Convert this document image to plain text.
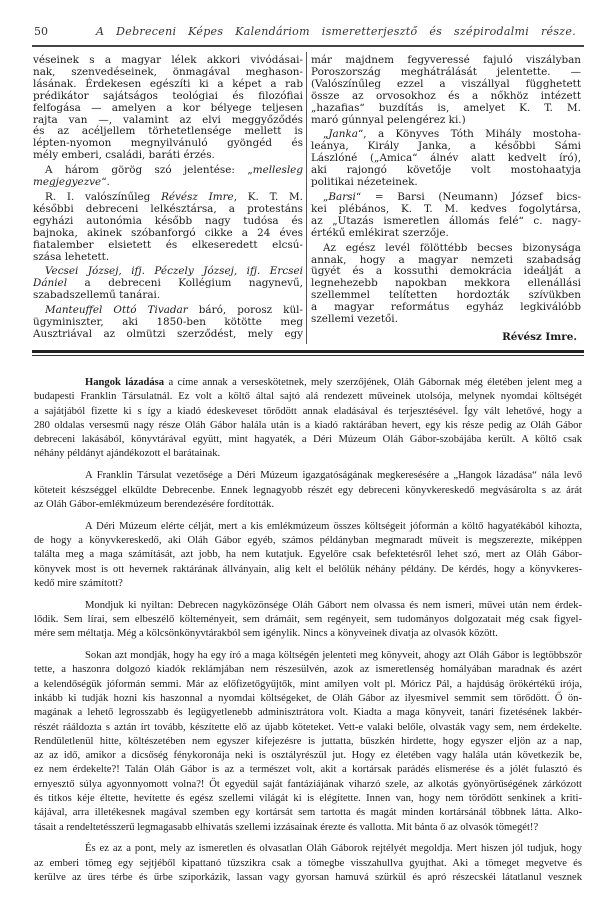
50	A Debreceni Képes Kalendáriom ismeretterjesztő és szépirodalmi része.
véseinek s a magyar lélek akkori vivódásai-
nak, szenvedéseinek, önmagával meghason-
lásának. Érdekesen egészíti ki a képet a rab
prédikátor sajátságos teológiai és filozófiai
felfogása — amelyen a kor bélyege teljesen
rajta van —, valamint az elvi meggyőződés
és az acéljellem törhetetlensége mellett is
lépten-nyomon megnyilvánuló gyöngéd és
mély emberi, családi, baráti érzés.
A három görög szó jelentése: „mellesleg
megjegyezve“.
R. I. valószínűleg Révész Imre, K. T. M.
későbbi debreceni lelkésztársa, a protestáns
egyházi autonómia később nagy tudósa és
bajnoka, akinek szóbanforgó cikke a 24 éves
fiatalember elsietett és elkeseredett elcsú-
szása lehetett.
Vecsei Józsej, ifj. Péczely Józsej, ifj. Ercsei
Dániel a debreceni Kollégium nagynevű,
szabadszellemű tanárai.
Manteuffel Ottó Tivadar báró, porosz kül-
ügyminiszter, aki 1850-ben kötötte meg
Ausztriával az olmützi szerződést, mely egy
már majdnem fegyveressé fajuló viszályban
Poroszország meghátrálását jelentette. —
(Valószínűleg ezzel a viszállyal függhetett
össze az orvosokhoz és a nőkhöz intézett
„hazafias“ buzdítás is, amelyet K. T. M.
maró gúnnyal pelengérez ki.)
„Janka“, a Könyves Tóth Mihály mostoha-
leánya, Király Janka, a későbbi Sámi
Lászlóné („Amica“ álnév alatt kedvelt író),
aki rajongó követője volt mostohaatyja
politikai nézeteinek.
„Barsi“ = Barsi (Neumann) József bics-
kei plébános, K. T. M. kedves fogolytársa,
az „Utazás ismeretlen állomás felé“ c. nagy-
értékű emlékirat szerzője.
Az egész levél fölöttébb becses bizonysága
annak, hogy a magyar nemzeti szabadság
ügyét és a kossuthi demokrácia ideálját a
legnehezebb napokban mekkora ellenállási
szellemmel telítetten hordozták szívükben
a magyar református egyház legkiválóbb
szellemi vezetői.
Révész Imre.
Hangok lázadása a címe annak a verseskötetnek, mely szerzőjének, Oláh Gábornak még életében jelent meg a
budapesti Franklin Társulatnál. Ez volt a költő által sajtó alá rendezett műveinek utolsója, melynek nyomdai költségét
a sajátjából fizette ki s így a kiadó édeskeveset törődött annak eladásával és terjesztésével. Így vált lehetővé, hogy a
280 oldalas versesmű nagy része Oláh Gábor halála után is a kiadó raktárában hevert, egy kis része pedig az Oláh Gábor
debreceni lakásából, könyvtárával együtt, mint hagyaték, a Déri Múzeum Oláh Gábor-szobájába került. A költő csak
néhány példányt ajándékozott el barátainak.
A Franklin Társulat vezetősége a Déri Múzeum igazgatóságának megkeresésére a „Hangok lázadása“ nála levő
köteteit készséggel elküldte Debrecenbe. Ennek legnagyobb részét egy debreceni könyvkereskedő megvásárolta s az árát
az Oláh Gábor-emlékmúzeum berendezésére fordították.
A Déri Múzeum elérte célját, mert a kis emlékmúzeum összes költségeit jóformán a költő hagyatékából kihozta,
de hogy a könyvkereskedő, aki Oláh Gábor egyéb, számos példányban megmaradt műveit is megszerezte, miképpen
találta meg a maga számítását, azt jobb, ha nem kutatjuk. Egyelőre csak befektetésről lehet szó, mert az Oláh Gábor-
könyvek most is ott hevernek raktárának állványain, alig kelt el belőlük néhány példány. De kérdés, hogy a könyvkeres-
kedő mire számított?
Mondjuk ki nyiltan: Debrecen nagyközönsége Oláh Gábort nem olvassa és nem ismeri, művei után nem érdek-
lődik. Sem lírai, sem elbeszélő költeményeit, sem drámáit, sem regényeit, sem tudományos dolgozatait még csak figyel-
mére sem méltatja. Még a kölcsönkönyvtárakból sem igénylik. Nincs a könyveinek divatja az olvasók között.
Sokan azt mondják, hogy ha egy író a maga költségén jelenteti meg könyveit, ahogy azt Oláh Gábor is legtöbbször
tette, a haszonra dolgozó kiadók reklámjában nem részesülvén, azok az ismeretlenség homályában maradnak és azért
a kelendőségük jóformán semmi. Már az előfizetőgyűjtők, mint amilyen volt pl. Móricz Pál, a hajdúság örökértékű írója,
inkább ki tudják hozni kis haszonnal a nyomdai költségeket, de Oláh Gábor az ilyesmivel semmit sem törődött. Ő ön-
magának a lehető legrosszabb és legügyetlenebb adminisztrátora volt. Kiadta a maga könyveit, tanári fizetésének lakbér-
részét rááldozta s aztán írt tovább, készítette elő az újabb köteteket. Vett-e valaki belőle, olvasták vagy sem, nem érdekelte.
Rendületlenül hitte, költészetében nem egyszer kifejezésre is juttatta, büszkén hirdette, hogy egyszer eljön az a nap,
az az idő, amikor a dicsőség fénykoronája neki is osztályrészül jut. Hogy ez életében vagy halála után következik be,
ez nem érdekelte?! Talán Oláh Gábor is az a természet volt, akit a kortársak parádés elismerése és a jólét fulasztó és
ernyesztő súlya agyonnyomott volna?! Őt egyedül saját fantáziájának viharzó szele, az alkotás gyönyörűségének zárkózott
és titkos kéje éltette, hevítette és egész szellemi világát ki is elégítette. Innen van, hogy nem törődött senkinek a kriti-
kájával, arra illetékesnek magával szemben egy kortársát sem tartotta és magát minden kortársánál többnek látta. Alko-
tásait a rendeltetésszerű legmagasabb elhivatás szellemi izzásainak érezte és vallotta. Mit bánta ő az olvasók tömegét!?
És ez az a pont, mely az ismeretlen és olvasatlan Oláh Gáborok rejtélyét megoldja. Mert hiszen jól tudjuk, hogy
az emberi tömeg egy sejtjéből kipattanó tűzszikra csak a tömegbe visszahullva gyujthat. Aki a tömeget megvetve és
kerülve az üres térbe és űrbe sziporkázik, lassan vagy gyorsan hamuvá szürkül és apró részecskéi látatlanul vesznek
